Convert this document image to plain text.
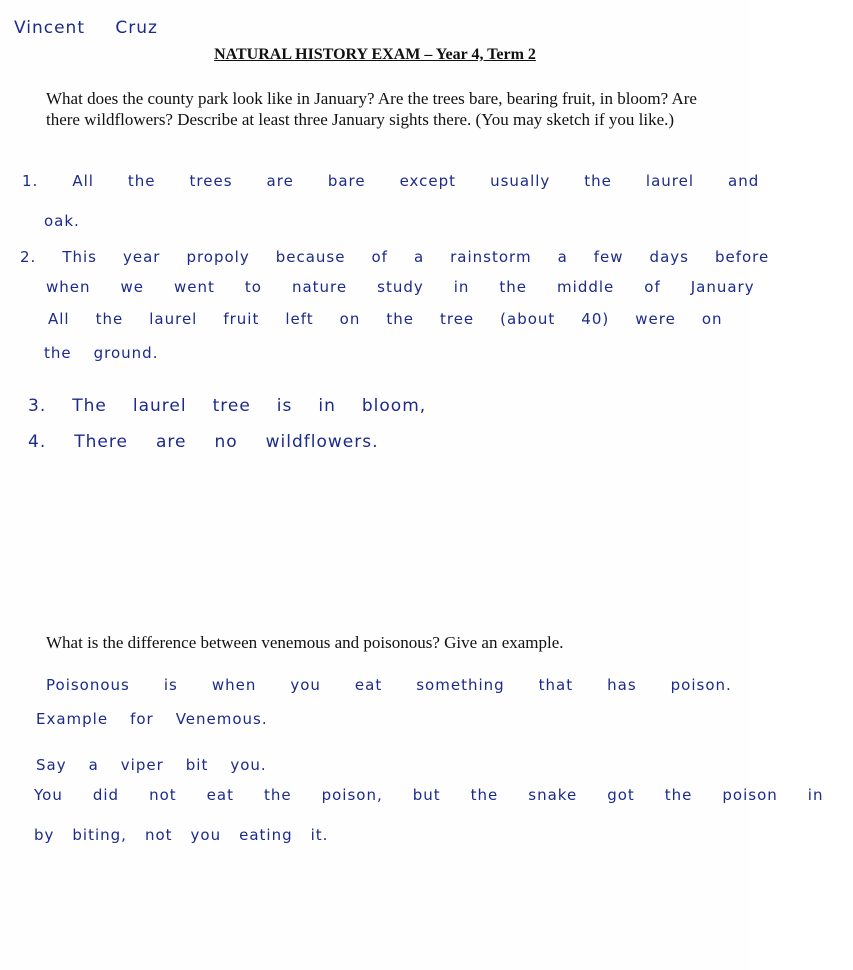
Vincent Cruz
NATURAL HISTORY EXAM – Year 4, Term 2
What does the county park look like in January? Are the trees bare, bearing fruit, in bloom? Are there wildflowers? Describe at least three January sights there. (You may sketch if you like.)
1. All the trees are bare except usually the laurel and
oak.
2. This year propoly because of a rainstorm a few days before
when we went to nature study in the middle of January
All the laurel fruit left on the tree (about 40) were on
the ground.
3. The laurel tree is in bloom,
4. There are no wildflowers.
What is the difference between venemous and poisonous? Give an example.
Poisonous is when you eat something that has poison.
Example for Venemous.
Say a viper bit you.
You did not eat the poison, but the snake got the poison in
by biting, not you eating it.
